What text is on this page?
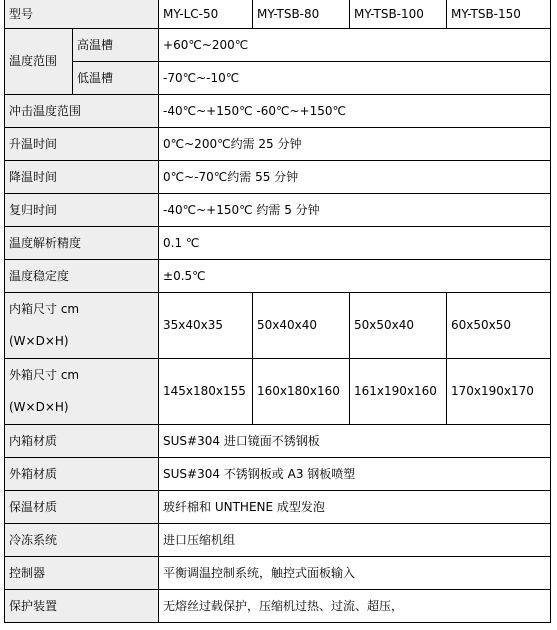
型号		MY-LC-50	MY-TSB-80	MY-TSB-100	MY-TSB-150
温度范围	高温槽	+60℃~200℃			
	低温槽	-70℃~-10℃			
冲击温度范围		-40℃~+150℃ -60℃~+150℃			
升温时间		0℃~200℃约需 25 分钟			
降温时间		0℃~-70℃约需 55 分钟			
复归时间		-40℃~+150℃ 约需 5 分钟			
温度解析精度		0.1 ℃			
温度稳定度		±0.5℃			

内箱尺寸 cm
(W×D×H)		35x40x35	50x40x40	50x50x40	60x50x50

外箱尺寸 cm
(W×D×H)		145x180x155	160x180x160	161x190x160	170x190x170
内箱材质		SUS#304 进口镜面不锈钢板			
外箱材质		SUS#304 不锈钢板或 A3 钢板喷塑			
保温材质		玻纤棉和 UNTHENE 成型发泡			
冷冻系统		进口压缩机组			
控制器		平衡调温控制系统，触控式面板输入			
保护装置		无熔丝过载保护，压缩机过热、过流、超压，			
